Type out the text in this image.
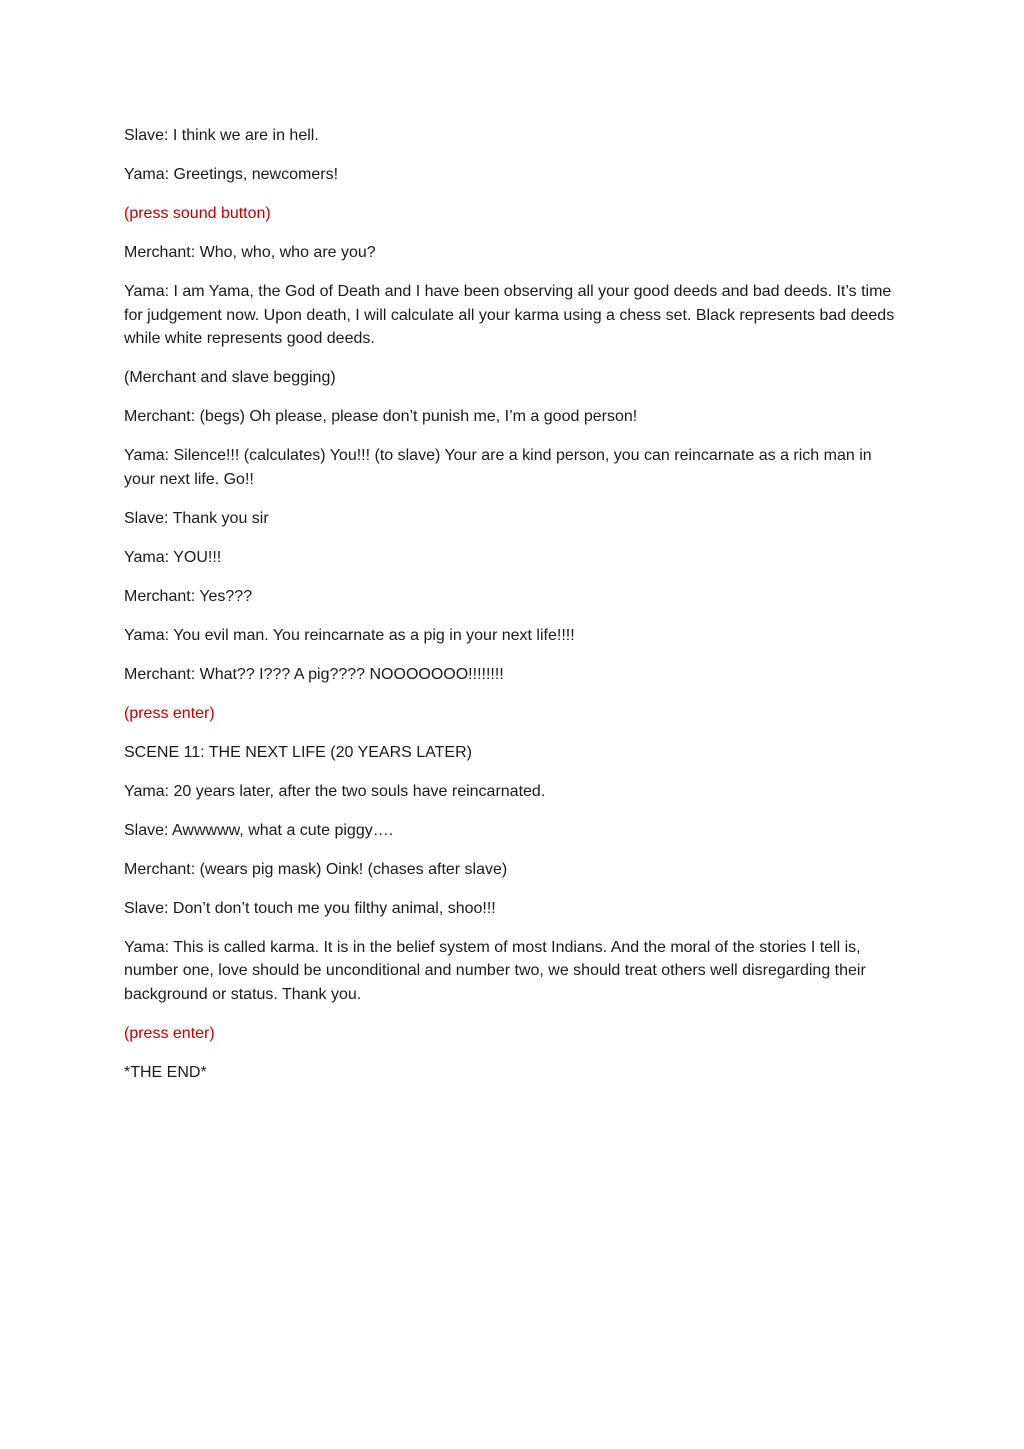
Slave: I think we are in hell.

Yama: Greetings, newcomers!

(press sound button)

Merchant: Who, who, who are you?

Yama: I am Yama, the God of Death and I have been observing all your good deeds and bad deeds. It’s time for judgement now. Upon death, I will calculate all your karma using a chess set. Black represents bad deeds while white represents good deeds.

(Merchant and slave begging)

Merchant: (begs) Oh please, please don’t punish me, I’m a good person!

Yama: Silence!!! (calculates) You!!! (to slave) Your are a kind person, you can reincarnate as a rich man in your next life. Go!!

Slave: Thank you sir

Yama: YOU!!!

Merchant: Yes???

Yama: You evil man. You reincarnate as a pig in your next life!!!!

Merchant: What?? I??? A pig???? NOOOOOOO!!!!!!!!

(press enter)

SCENE 11: THE NEXT LIFE (20 YEARS LATER)

Yama: 20 years later, after the two souls have reincarnated.

Slave: Awwwww, what a cute piggy….

Merchant: (wears pig mask) Oink! (chases after slave)

Slave: Don’t don’t touch me you filthy animal, shoo!!!

Yama: This is called karma. It is in the belief system of most Indians. And the moral of the stories I tell is, number one, love should be unconditional and number two, we should treat others well disregarding their background or status. Thank you.

(press enter)

*THE END*
